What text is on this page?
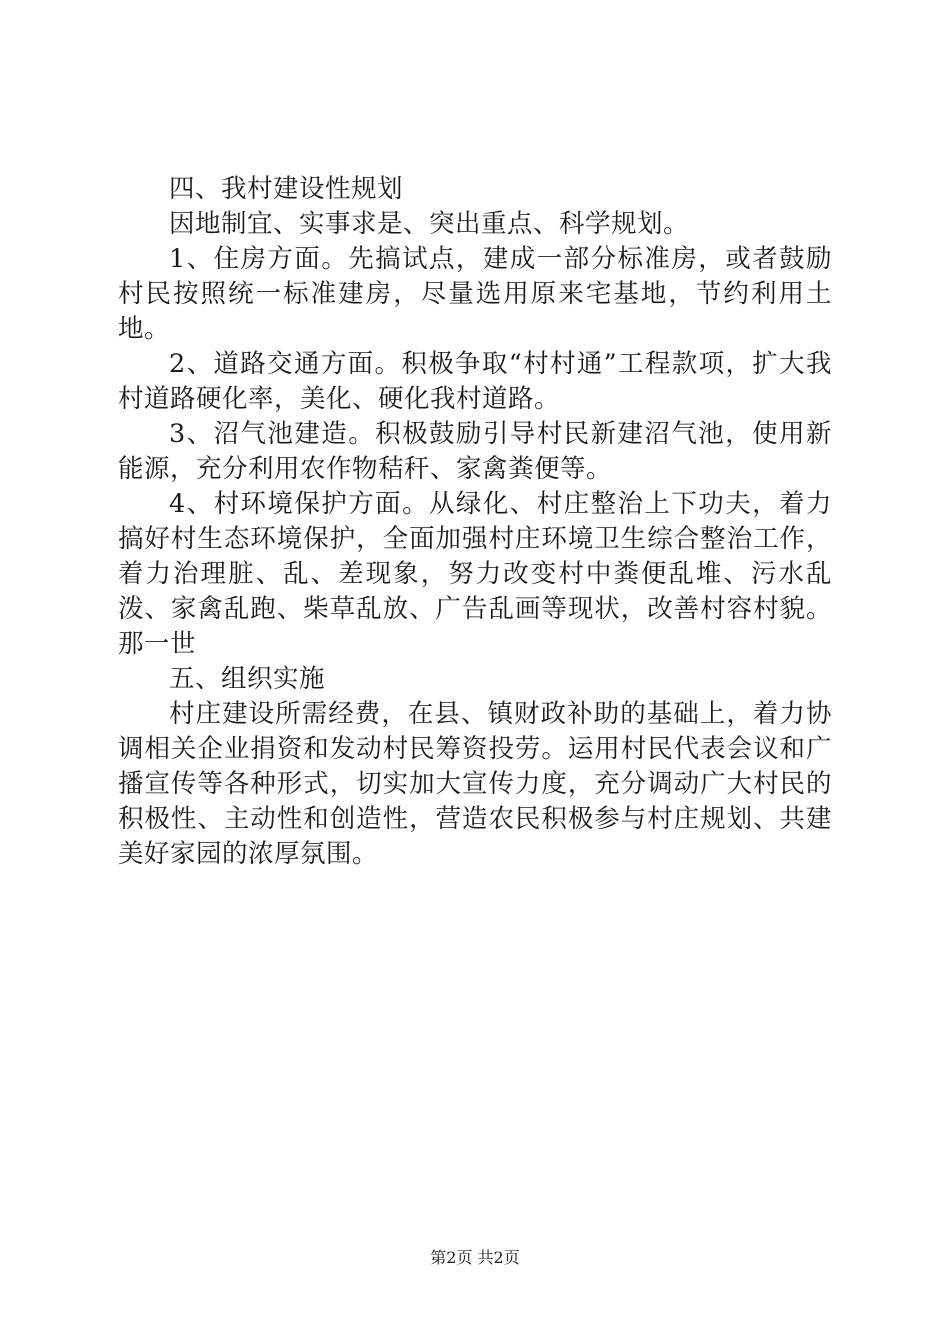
四、我村建设性规划

因地制宜、实事求是、突出重点、科学规划。

1、住房方面。先搞试点，建成一部分标准房，或者鼓励村民按照统一标准建房，尽量选用原来宅基地，节约利用土地。

2、道路交通方面。积极争取“村村通”工程款项，扩大我村道路硬化率，美化、硬化我村道路。

3、沼气池建造。积极鼓励引导村民新建沼气池，使用新能源，充分利用农作物秸秆、家禽粪便等。

4、村环境保护方面。从绿化、村庄整治上下功夫，着力搞好村生态环境保护，全面加强村庄环境卫生综合整治工作，着力治理脏、乱、差现象，努力改变村中粪便乱堆、污水乱泼、家禽乱跑、柴草乱放、广告乱画等现状，改善村容村貌。那一世

五、组织实施

村庄建设所需经费，在县、镇财政补助的基础上，着力协调相关企业捐资和发动村民筹资投劳。运用村民代表会议和广播宣传等各种形式，切实加大宣传力度，充分调动广大村民的积极性、主动性和创造性，营造农民积极参与村庄规划、共建美好家园的浓厚氛围。

第2页 共2页
